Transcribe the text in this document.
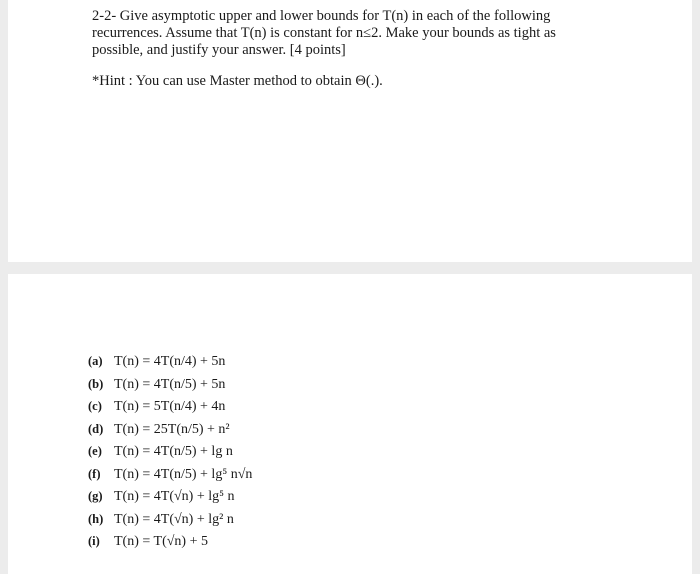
2-2- Give asymptotic upper and lower bounds for T(n) in each of the following

recurrences. Assume that T(n) is constant for n≤2. Make your bounds as tight as

possible, and justify your answer. [4 points]

*Hint : You can use Master method to obtain Θ(.).
(a) T(n) = 4T(n/4) + 5n
(b) T(n) = 4T(n/5) + 5n
(c) T(n) = 5T(n/4) + 4n
(d) T(n) = 25T(n/5) + n²
(e) T(n) = 4T(n/5) + lg n
(f) T(n) = 4T(n/5) + lg⁵ n√n
(g) T(n) = 4T(√n) + lg⁵ n
(h) T(n) = 4T(√n) + lg² n
(i)	T(n) = T(√n) + 5
